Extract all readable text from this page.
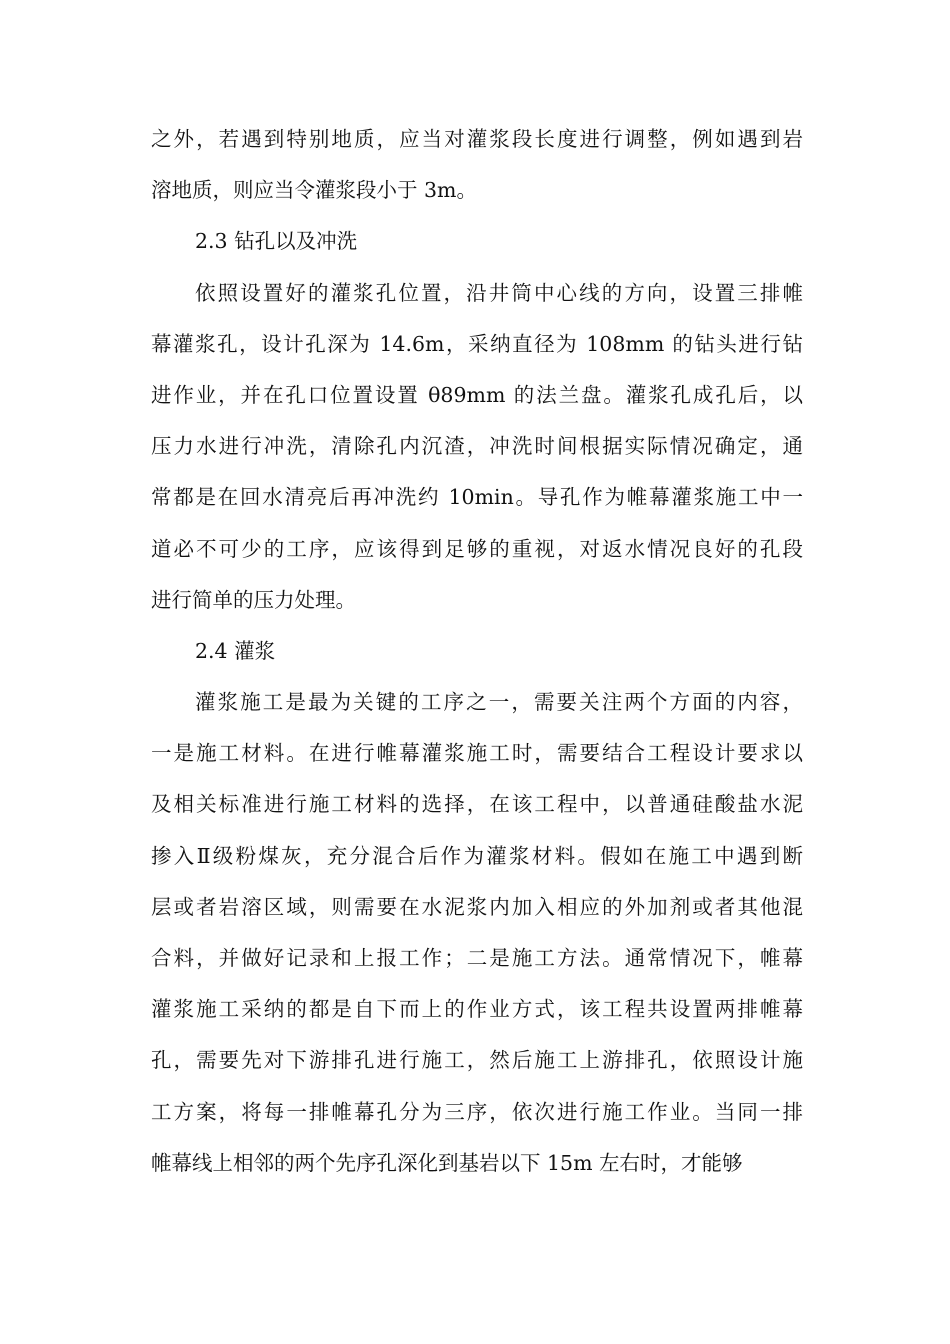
之外，若遇到特别地质，应当对灌浆段长度进行调整，例如遇到岩
溶地质，则应当令灌浆段小于 3m。
2.3 钻孔以及冲洗
依照设置好的灌浆孔位置，沿井筒中心线的方向，设置三排帷
幕灌浆孔，设计孔深为 14.6m，采纳直径为 108mm 的钻头进行钻
进作业，并在孔口位置设置 θ89mm 的法兰盘。灌浆孔成孔后，以
压力水进行冲洗，清除孔内沉渣，冲洗时间根据实际情况确定，通
常都是在回水清亮后再冲洗约 10min。导孔作为帷幕灌浆施工中一
道必不可少的工序，应该得到足够的重视，对返水情况良好的孔段
进行简单的压力处理。
2.4 灌浆
灌浆施工是最为关键的工序之一，需要关注两个方面的内容，
一是施工材料。在进行帷幕灌浆施工时，需要结合工程设计要求以
及相关标准进行施工材料的选择，在该工程中，以普通硅酸盐水泥
掺入Ⅱ级粉煤灰，充分混合后作为灌浆材料。假如在施工中遇到断
层或者岩溶区域，则需要在水泥浆内加入相应的外加剂或者其他混
合料，并做好记录和上报工作；二是施工方法。通常情况下，帷幕
灌浆施工采纳的都是自下而上的作业方式，该工程共设置两排帷幕
孔，需要先对下游排孔进行施工，然后施工上游排孔，依照设计施
工方案，将每一排帷幕孔分为三序，依次进行施工作业。当同一排
帷幕线上相邻的两个先序孔深化到基岩以下 15m 左右时，才能够
